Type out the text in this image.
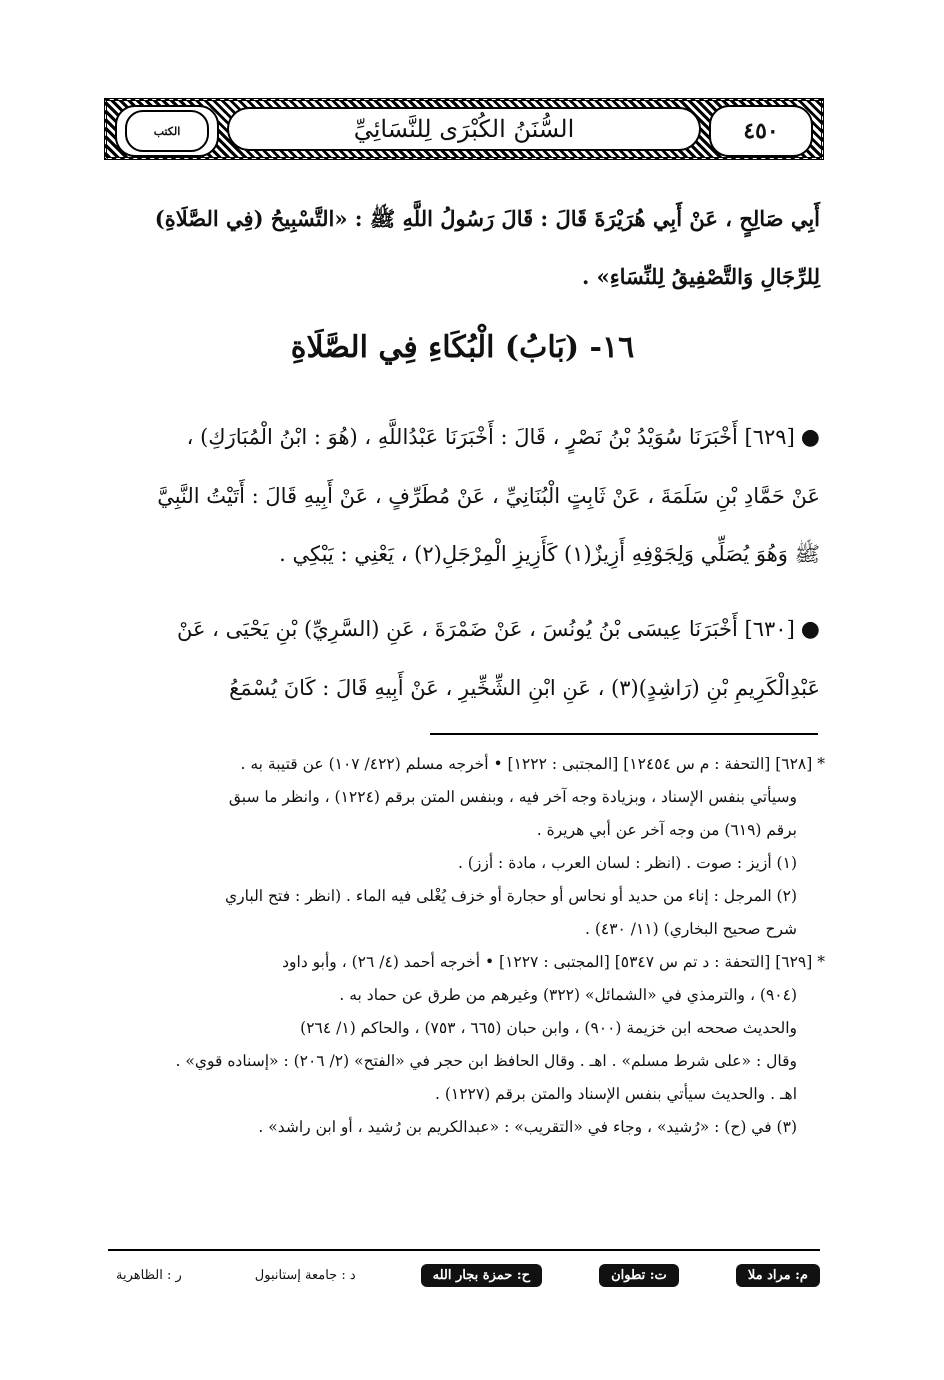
٤٥٠
السُّنَنُ الكُبْرَى لِلنَّسَائِيِّ
الكتب

أَبِي صَالِحٍ ، عَنْ أَبِي هُرَيْرَةَ قَالَ : قَالَ رَسُولُ اللَّهِ ﷺ : «التَّسْبِيحُ (فِي الصَّلَاةِ)

لِلرِّجَالِ وَالتَّصْفِيقُ لِلنِّسَاءِ» .

١٦- (بَابُ) الْبُكَاءِ فِي الصَّلَاةِ

●[٦٢٩] أَخْبَرَنَا سُوَيْدُ بْنُ نَصْرٍ ، قَالَ : أَخْبَرَنَا عَبْدُاللَّهِ ، (هُوَ : ابْنُ الْمُبَارَكِ) ،

عَنْ حَمَّادِ بْنِ سَلَمَةَ ، عَنْ ثَابِتٍ الْبُنَانِيِّ ، عَنْ مُطَرِّفٍ ، عَنْ أَبِيهِ قَالَ : أَتَيْتُ النَّبِيَّ

ﷺ وَهُوَ يُصَلِّي وَلِجَوْفِهِ أَزِيزٌ(١) كَأَزِيزِ الْمِرْجَلِ(٢) ، يَعْنِي : يَبْكِي .

●[٦٣٠] أَخْبَرَنَا عِيسَى بْنُ يُونُسَ ، عَنْ ضَمْرَةَ ، عَنِ (السَّرِيِّ) بْنِ يَحْيَى ، عَنْ

عَبْدِالْكَرِيمِ بْنِ (رَاشِدٍ)(٣) ، عَنِ ابْنِ الشِّخِّيرِ ، عَنْ أَبِيهِ قَالَ : كَانَ يُسْمَعُ

* [٦٢٨] [التحفة : م س ١٢٤٥٤] [المجتبى : ١٢٢٢] • أخرجه مسلم (٤٢٢/ ١٠٧) عن قتيبة به .

وسيأتي بنفس الإسناد ، وبزيادة وجه آخر فيه ، وبنفس المتن برقم (١٢٢٤) ، وانظر ما سبق

برقم (٦١٩) من وجه آخر عن أبي هريرة .

(١) أزيز : صوت . (انظر : لسان العرب ، مادة : أزز) .

(٢) المرجل : إناء من حديد أو نحاس أو حجارة أو خزف يُغْلى فيه الماء . (انظر : فتح الباري

شرح صحيح البخاري) (١١/ ٤٣٠) .

* [٦٢٩] [التحفة : د تم س ٥٣٤٧] [المجتبى : ١٢٢٧] • أخرجه أحمد (٤/ ٢٦) ، وأبو داود

(٩٠٤) ، والترمذي في «الشمائل» (٣٢٢) وغيرهم من طرق عن حماد به .

والحديث صححه ابن خزيمة (٩٠٠) ، وابن حبان (٦٦٥ ، ٧٥٣) ، والحاكم (١/ ٢٦٤)

وقال : «على شرط مسلم» . اهـ . وقال الحافظ ابن حجر في «الفتح» (٢/ ٢٠٦) : «إسناده قوي» .

اهـ . والحديث سيأتي بنفس الإسناد والمتن برقم (١٢٢٧) .

(٣) في (ح) : «رُشيد» ، وجاء في «التقريب» : «عبدالكريم بن رُشيد ، أو ابن راشد» .

م: مراد ملا
ت: تطوان
ح: حمزة بجار الله
د : جامعة إستانبول
ر : الظاهرية
